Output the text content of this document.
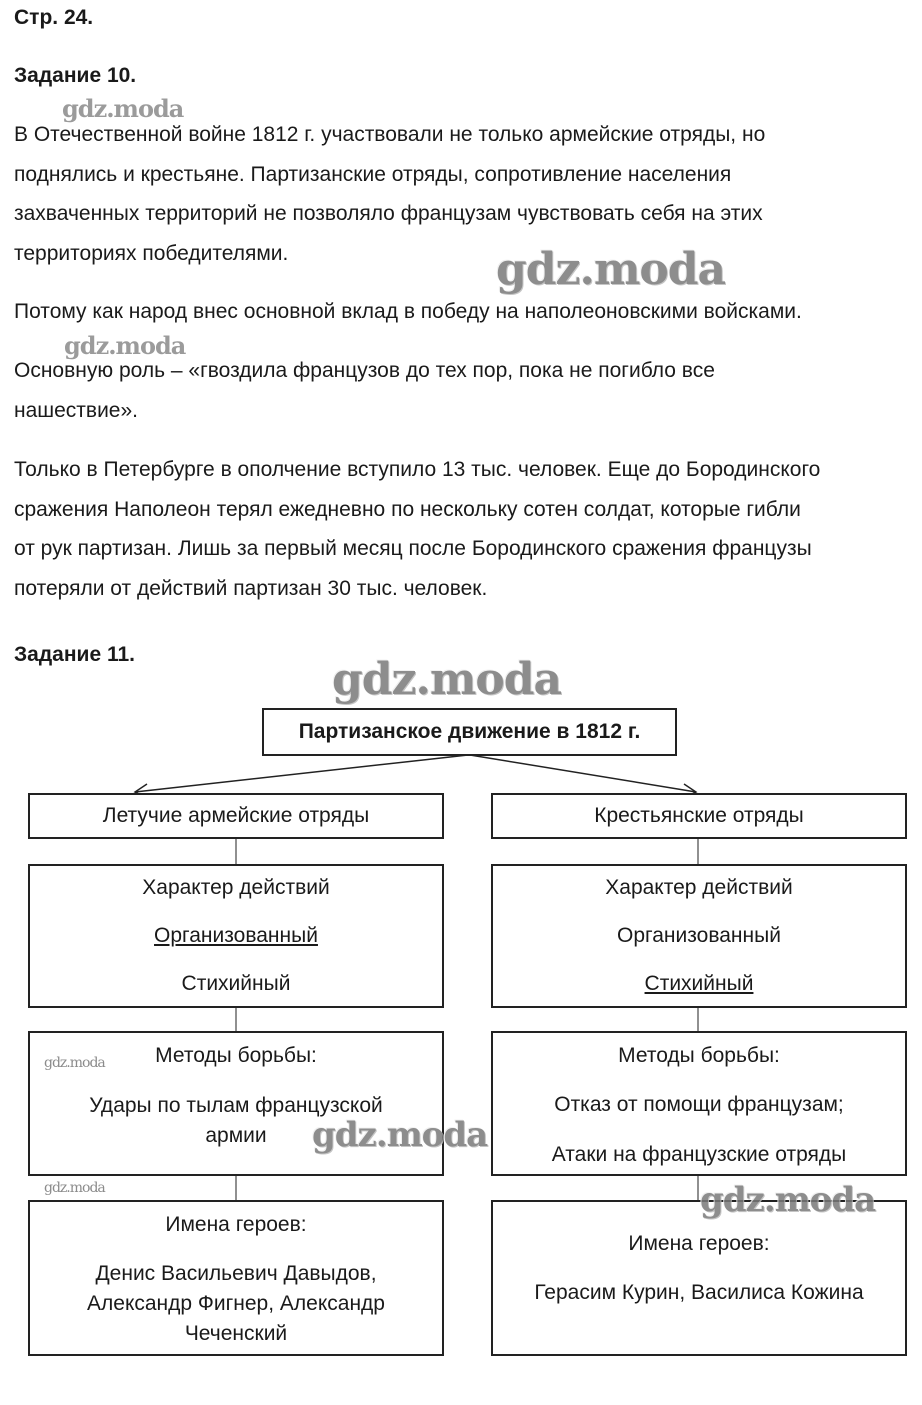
Стр. 24.
Задание 10.
gdz.moda
gdz.moda
gdz.moda
gdz.moda
В Отечественной войне 1812 г. участвовали не только армейские отряды, но
поднялись и крестьяне. Партизанские отряды, сопротивление населения
захваченных территорий не позволяло французам чувствовать себя на этих
территориях победителями.
Потому как народ внес основной вклад в победу на наполеоновскими войсками.
Основную роль – «гвоздила французов до тех пор, пока не погибло все
нашествие».
Только в Петербурге в ополчение вступило 13 тыс. человек. Еще до Бородинского
сражения Наполеон терял ежедневно по нескольку сотен солдат, которые гибли
от рук партизан. Лишь за первый месяц после Бородинского сражения французы
потеряли от действий партизан 30 тыс. человек.
Задание 11.
Партизанское движение в 1812 г.
Летучие армейские отряды
Характер действий
Организованный
Стихийный
Методы борьбы:
Удары по тылам французской
армии
Имена героев:
Денис Васильевич Давыдов,
Александр Фигнер, Александр
Чеченский
Крестьянские отряды
Характер действий
Организованный
Стихийный
Методы борьбы:
Отказ от помощи французам;
Атаки на французские отряды
Имена героев:
Герасим Курин, Василиса Кожина
gdz.moda
gdz.moda
gdz.moda	gdz.moda
